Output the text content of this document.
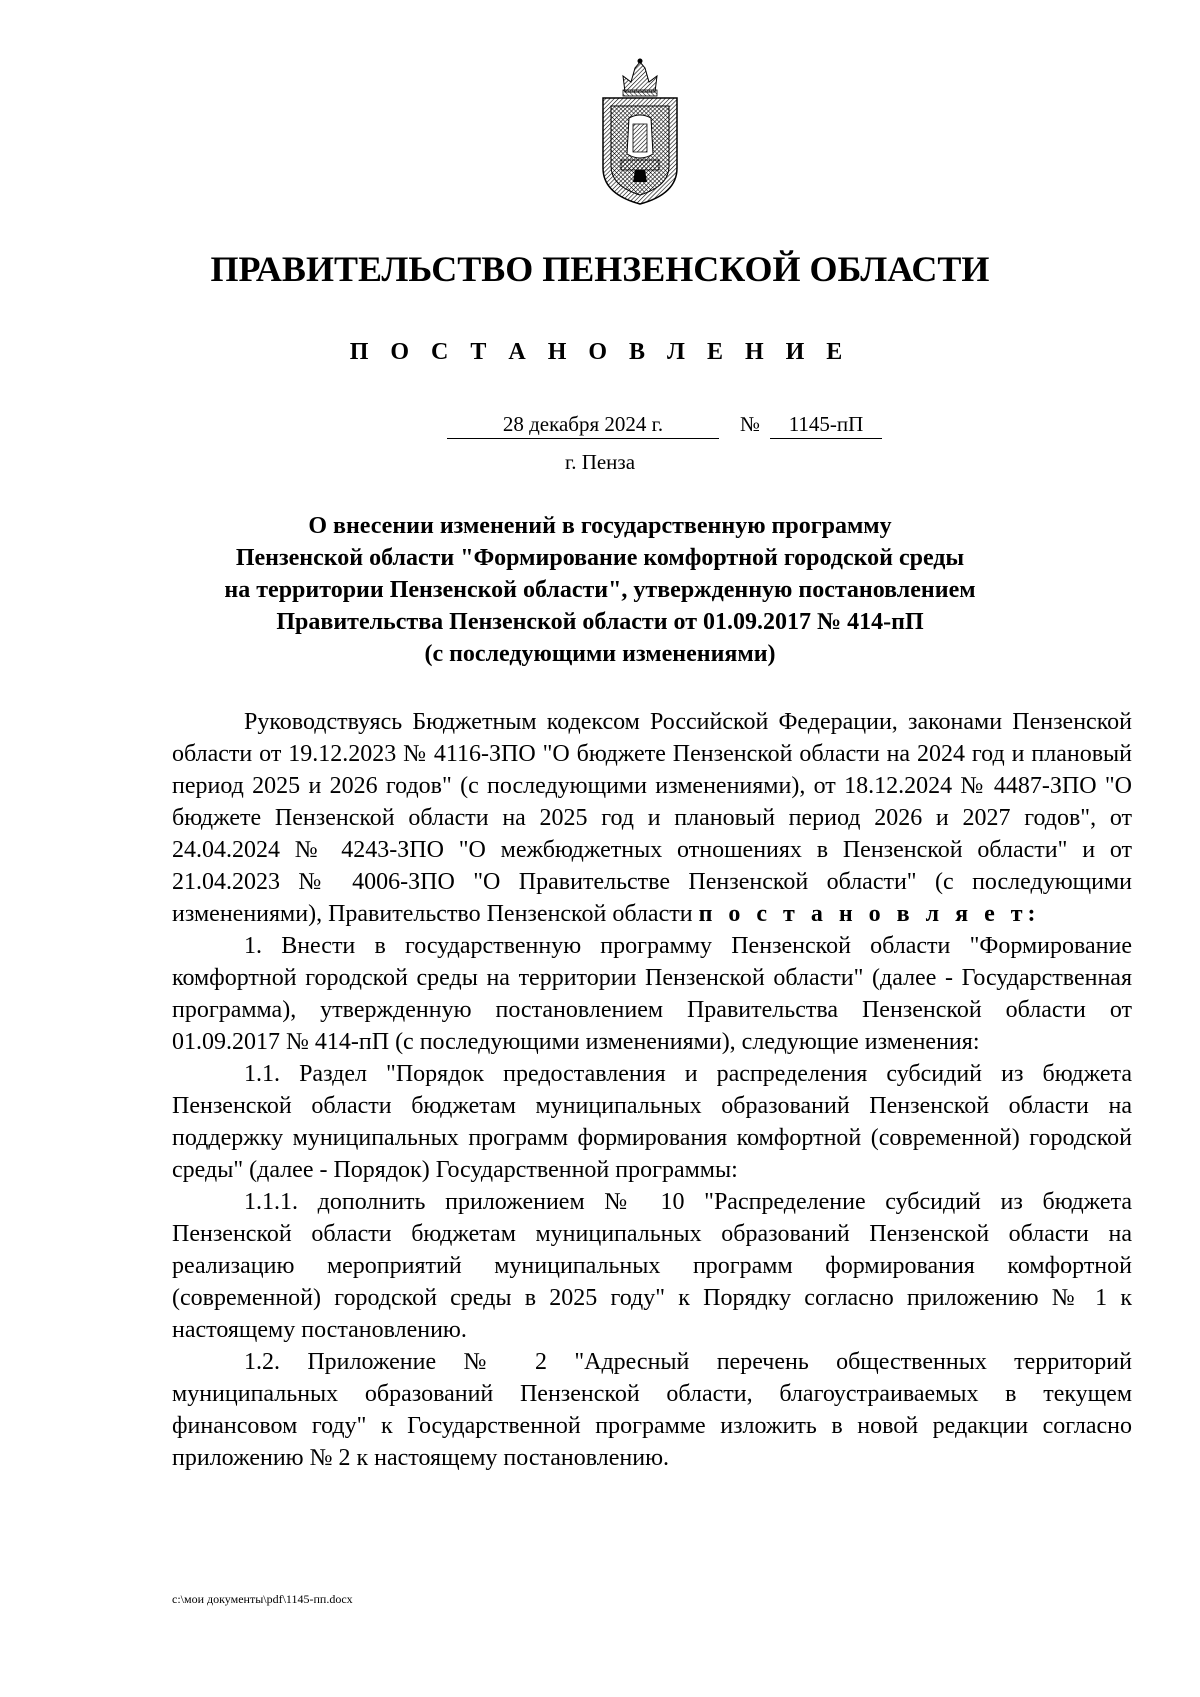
ПРАВИТЕЛЬСТВО ПЕНЗЕНСКОЙ ОБЛАСТИ
П О С Т А Н О В Л Е Н И Е
28 декабря 2024 г.	№	1145-пП
г. Пенза
О внесении изменений в государственную программу
Пензенской области "Формирование комфортной городской среды
на территории Пензенской области", утвержденную постановлением
Правительства Пензенской области от 01.09.2017 № 414-пП
(с последующими изменениями)

Руководствуясь Бюджетным кодексом Российской Федерации, законами Пензенской области от 19.12.2023 № 4116-ЗПО "О бюджете Пензенской области на 2024 год и плановый период 2025 и 2026 годов" (с последующими изменениями), от 18.12.2024 № 4487-ЗПО "О бюджете Пензенской области на 2025 год и плановый период 2026 и 2027 годов", от 24.04.2024 № 4243-ЗПО "О межбюджетных отношениях в Пензенской области" и от 21.04.2023 № 4006-ЗПО "О Правительстве Пензенской области" (с последующими изменениями), Правительство Пензенской области п о с т а н о в л я е т:

1. Внести в государственную программу Пензенской области "Формирование комфортной городской среды на территории Пензенской области" (далее - Государственная программа), утвержденную постановлением Правительства Пензенской области от 01.09.2017 № 414-пП (с последующими изменениями), следующие изменения:

1.1. Раздел "Порядок предоставления и распределения субсидий из бюджета Пензенской области бюджетам муниципальных образований Пензенской области на поддержку муниципальных программ формирования комфортной (современной) городской среды" (далее - Порядок) Государственной программы:

1.1.1. дополнить приложением № 10 "Распределение субсидий из бюджета Пензенской области бюджетам муниципальных образований Пензенской области на реализацию мероприятий муниципальных программ формирования комфортной (современной) городской среды в 2025 году" к Порядку согласно приложению № 1 к настоящему постановлению.

1.2. Приложение № 2 "Адресный перечень общественных территорий муниципальных образований Пензенской области, благоустраиваемых в текущем финансовом году" к Государственной программе изложить в новой редакции согласно приложению № 2 к настоящему постановлению.

c:\мои документы\pdf\1145-пп.docx
